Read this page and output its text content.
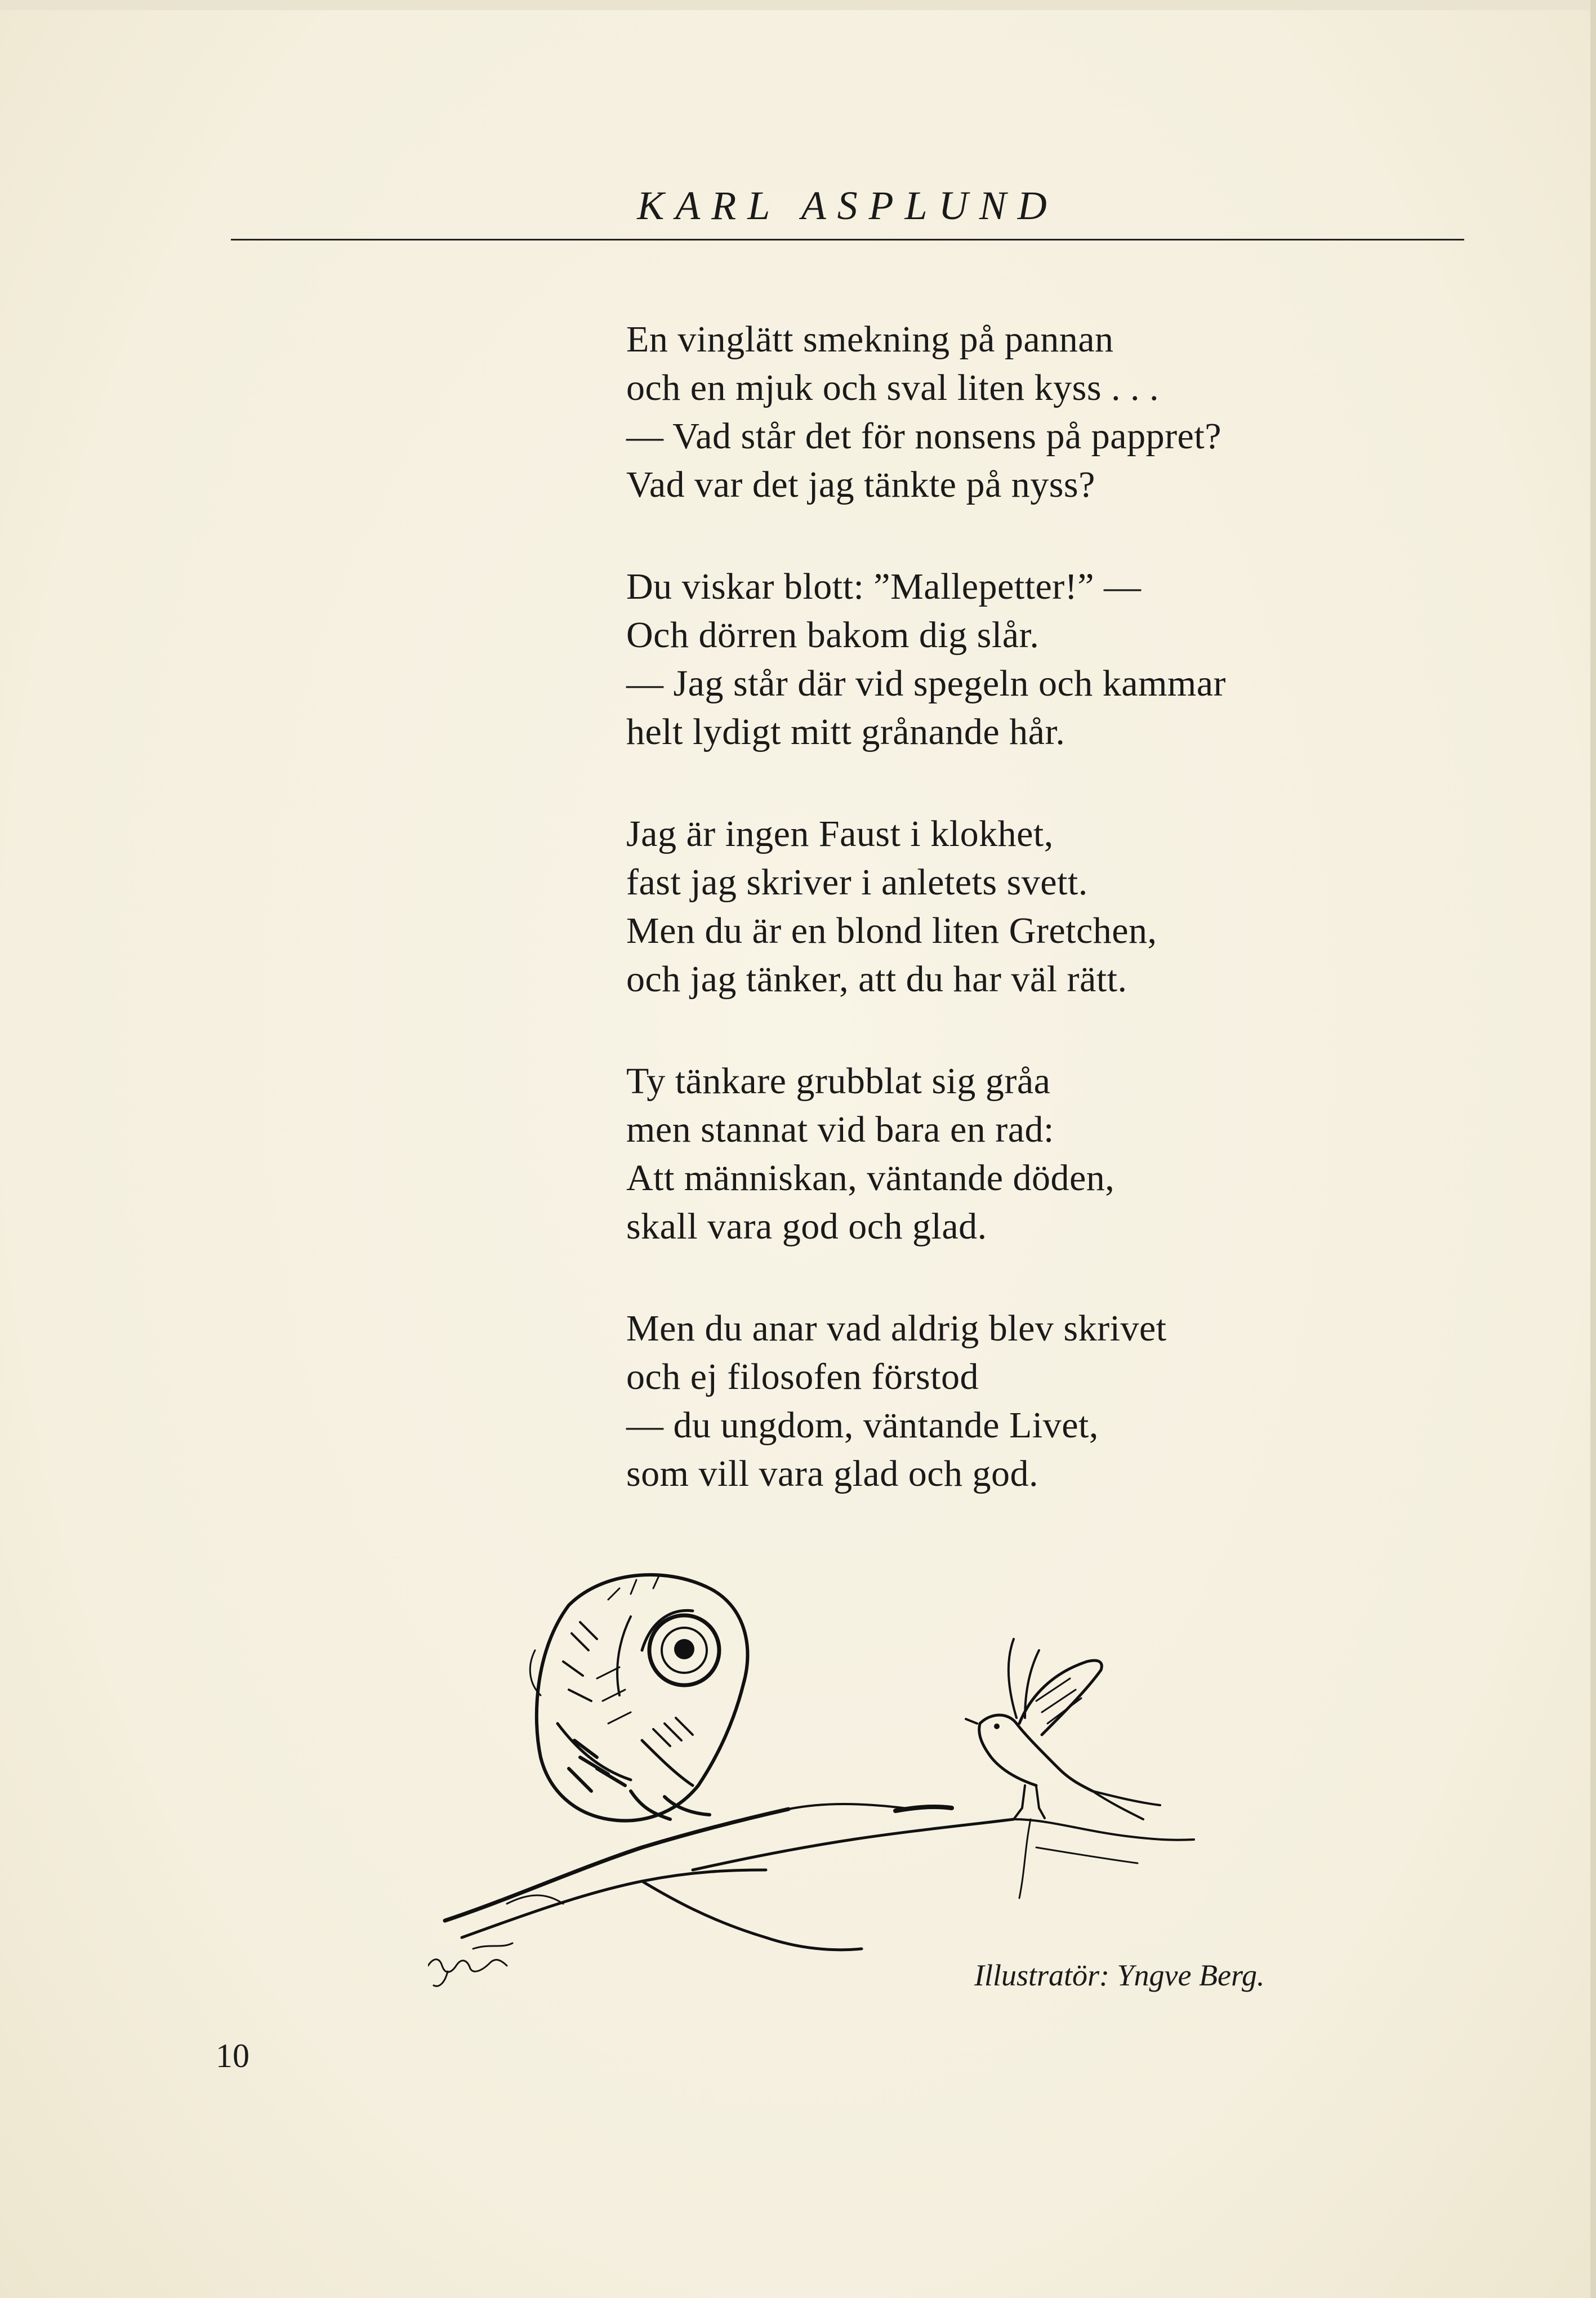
KARL ASPLUND
En vinglätt smekning på pannan
och en mjuk och sval liten kyss . . .
— Vad står det för nonsens på pappret?
Vad var det jag tänkte på nyss?
Du viskar blott: ”Mallepetter!” —
Och dörren bakom dig slår.
— Jag står där vid spegeln och kammar
helt lydigt mitt grånande hår.
Jag är ingen Faust i klokhet,
fast jag skriver i anletets svett.
Men du är en blond liten Gretchen,
och jag tänker, att du har väl rätt.
Ty tänkare grubblat sig gråa
men stannat vid bara en rad:
Att människan, väntande döden,
skall vara god och glad.
Men du anar vad aldrig blev skrivet
och ej filosofen förstod
— du ungdom, väntande Livet,
som vill vara glad och god.
Illustratör: Yngve Berg.
10
